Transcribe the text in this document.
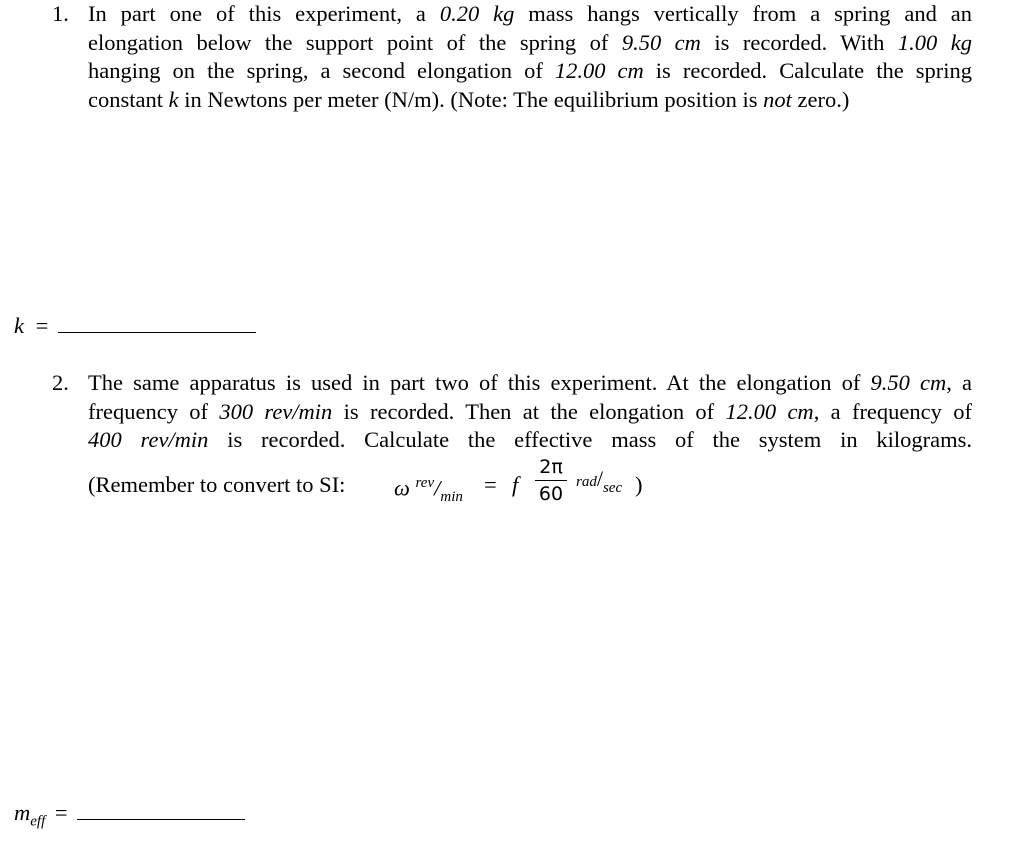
1. In part one of this experiment, a 0.20 kg mass hangs vertically from a spring and an
elongation below the support point of the spring of 9.50 cm is recorded. With 1.00 kg
hanging on the spring, a second elongation of 12.00 cm is recorded. Calculate the spring
constant k in Newtons per meter (N/m). (Note: The equilibrium position is not zero.)
k =
2. The same apparatus is used in part two of this experiment. At the elongation of 9.50 cm, a
frequency of 300 rev/min is recorded. Then at the elongation of 12.00 cm, a frequency of
400 rev/min is recorded. Calculate the effective mass of the system in kilograms.
(Remember to convert to SI: ω $^{rev}/_{min} = f$
2π
60
rad/sec )
$m_{eff}$ =
